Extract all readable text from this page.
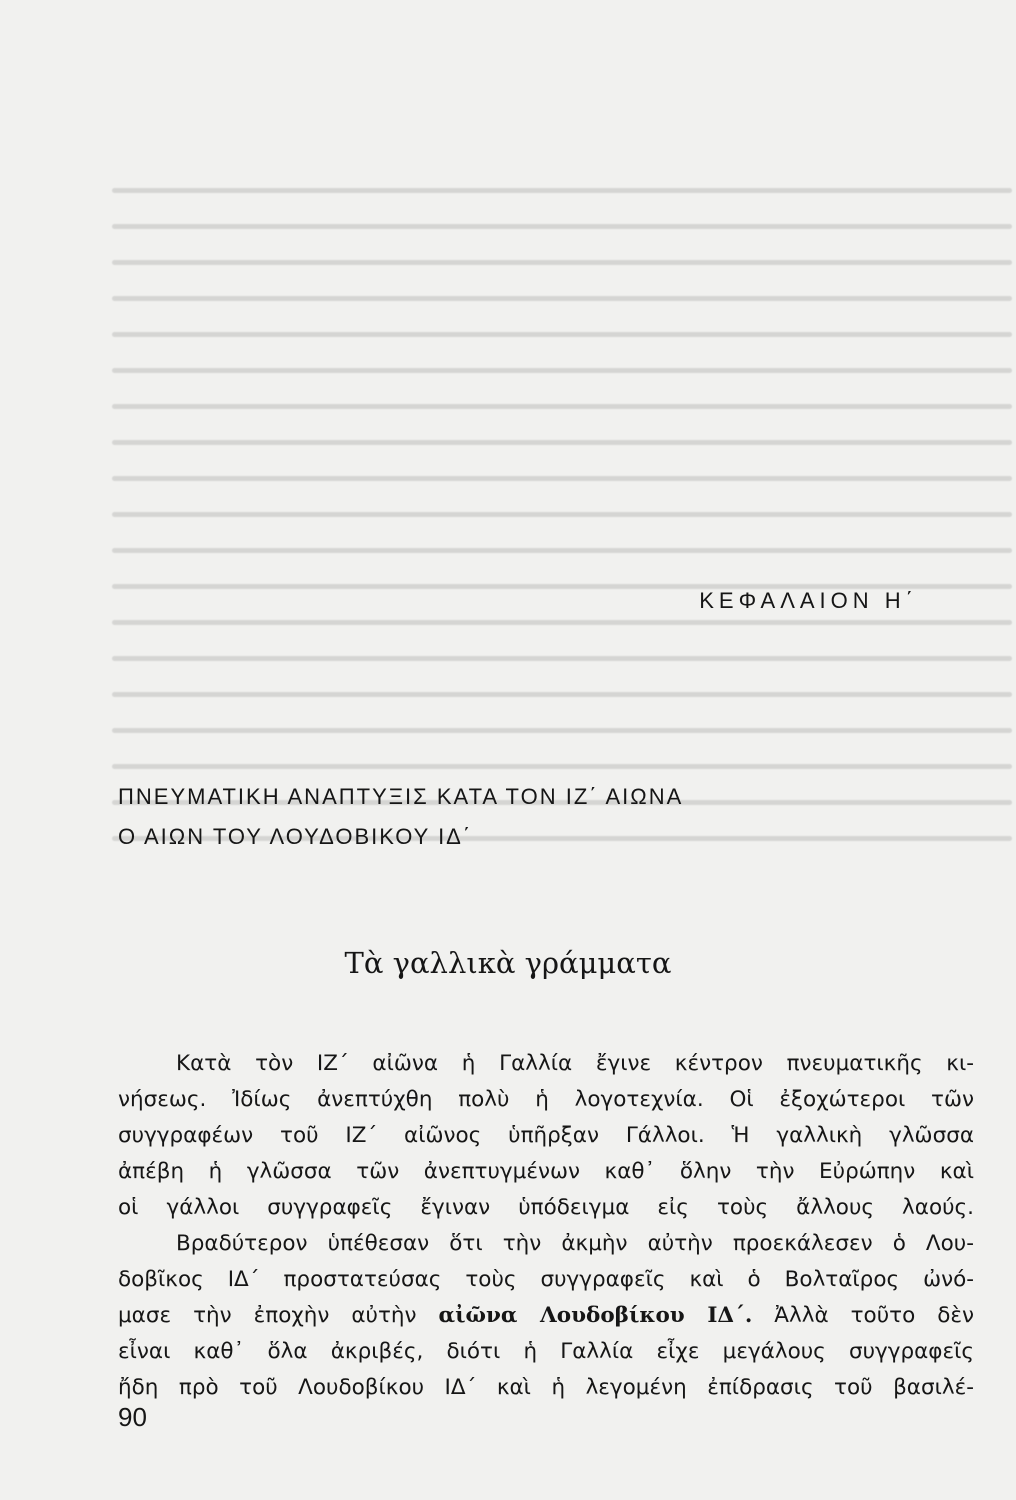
ΚΕΦΑΛΑΙΟΝ Η΄
ΠΝΕΥΜΑΤΙΚΗ ΑΝΑΠΤΥΞΙΣ ΚΑΤΑ ΤΟΝ ΙΖ΄ ΑΙΩΝΑ
Ο ΑΙΩΝ ΤΟΥ ΛΟΥΔΟΒΙΚΟΥ ΙΔ΄
Τὰ γαλλικὰ γράμματα
Κατὰ τὸν ΙΖ΄ αἰῶνα ἡ Γαλλία ἔγινε κέντρον πνευματικῆς κι-
νήσεως. Ἰδίως ἀνεπτύχθη πολὺ ἡ λογοτεχνία. Οἱ ἐξοχώτεροι τῶν
συγγραφέων τοῦ ΙΖ΄ αἰῶνος ὑπῆρξαν Γάλλοι. Ἡ γαλλικὴ γλῶσσα
ἀπέβη ἡ γλῶσσα τῶν ἀνεπτυγμένων καθ᾿ ὅλην τὴν Εὐρώπην καὶ
οἱ γάλλοι συγγραφεῖς ἔγιναν ὑπόδειγμα εἰς τοὺς ἄλλους λαούς.
Βραδύτερον ὑπέθεσαν ὅτι τὴν ἀκμὴν αὐτὴν προεκάλεσεν ὁ Λου-
δοβῖκος ΙΔ΄ προστατεύσας τοὺς συγγραφεῖς καὶ ὁ Βολταῖρος ὠνό-
μασε τὴν ἐποχὴν αὐτὴν αἰῶνα Λουδοβίκου ΙΔ΄. Ἀλλὰ τοῦτο δὲν
εἶναι καθ᾿ ὅλα ἀκριβές, διότι ἡ Γαλλία εἶχε μεγάλους συγγραφεῖς
ἤδη πρὸ τοῦ Λουδοβίκου ΙΔ΄ καὶ ἡ λεγομένη ἐπίδρασις τοῦ βασιλέ-

90
